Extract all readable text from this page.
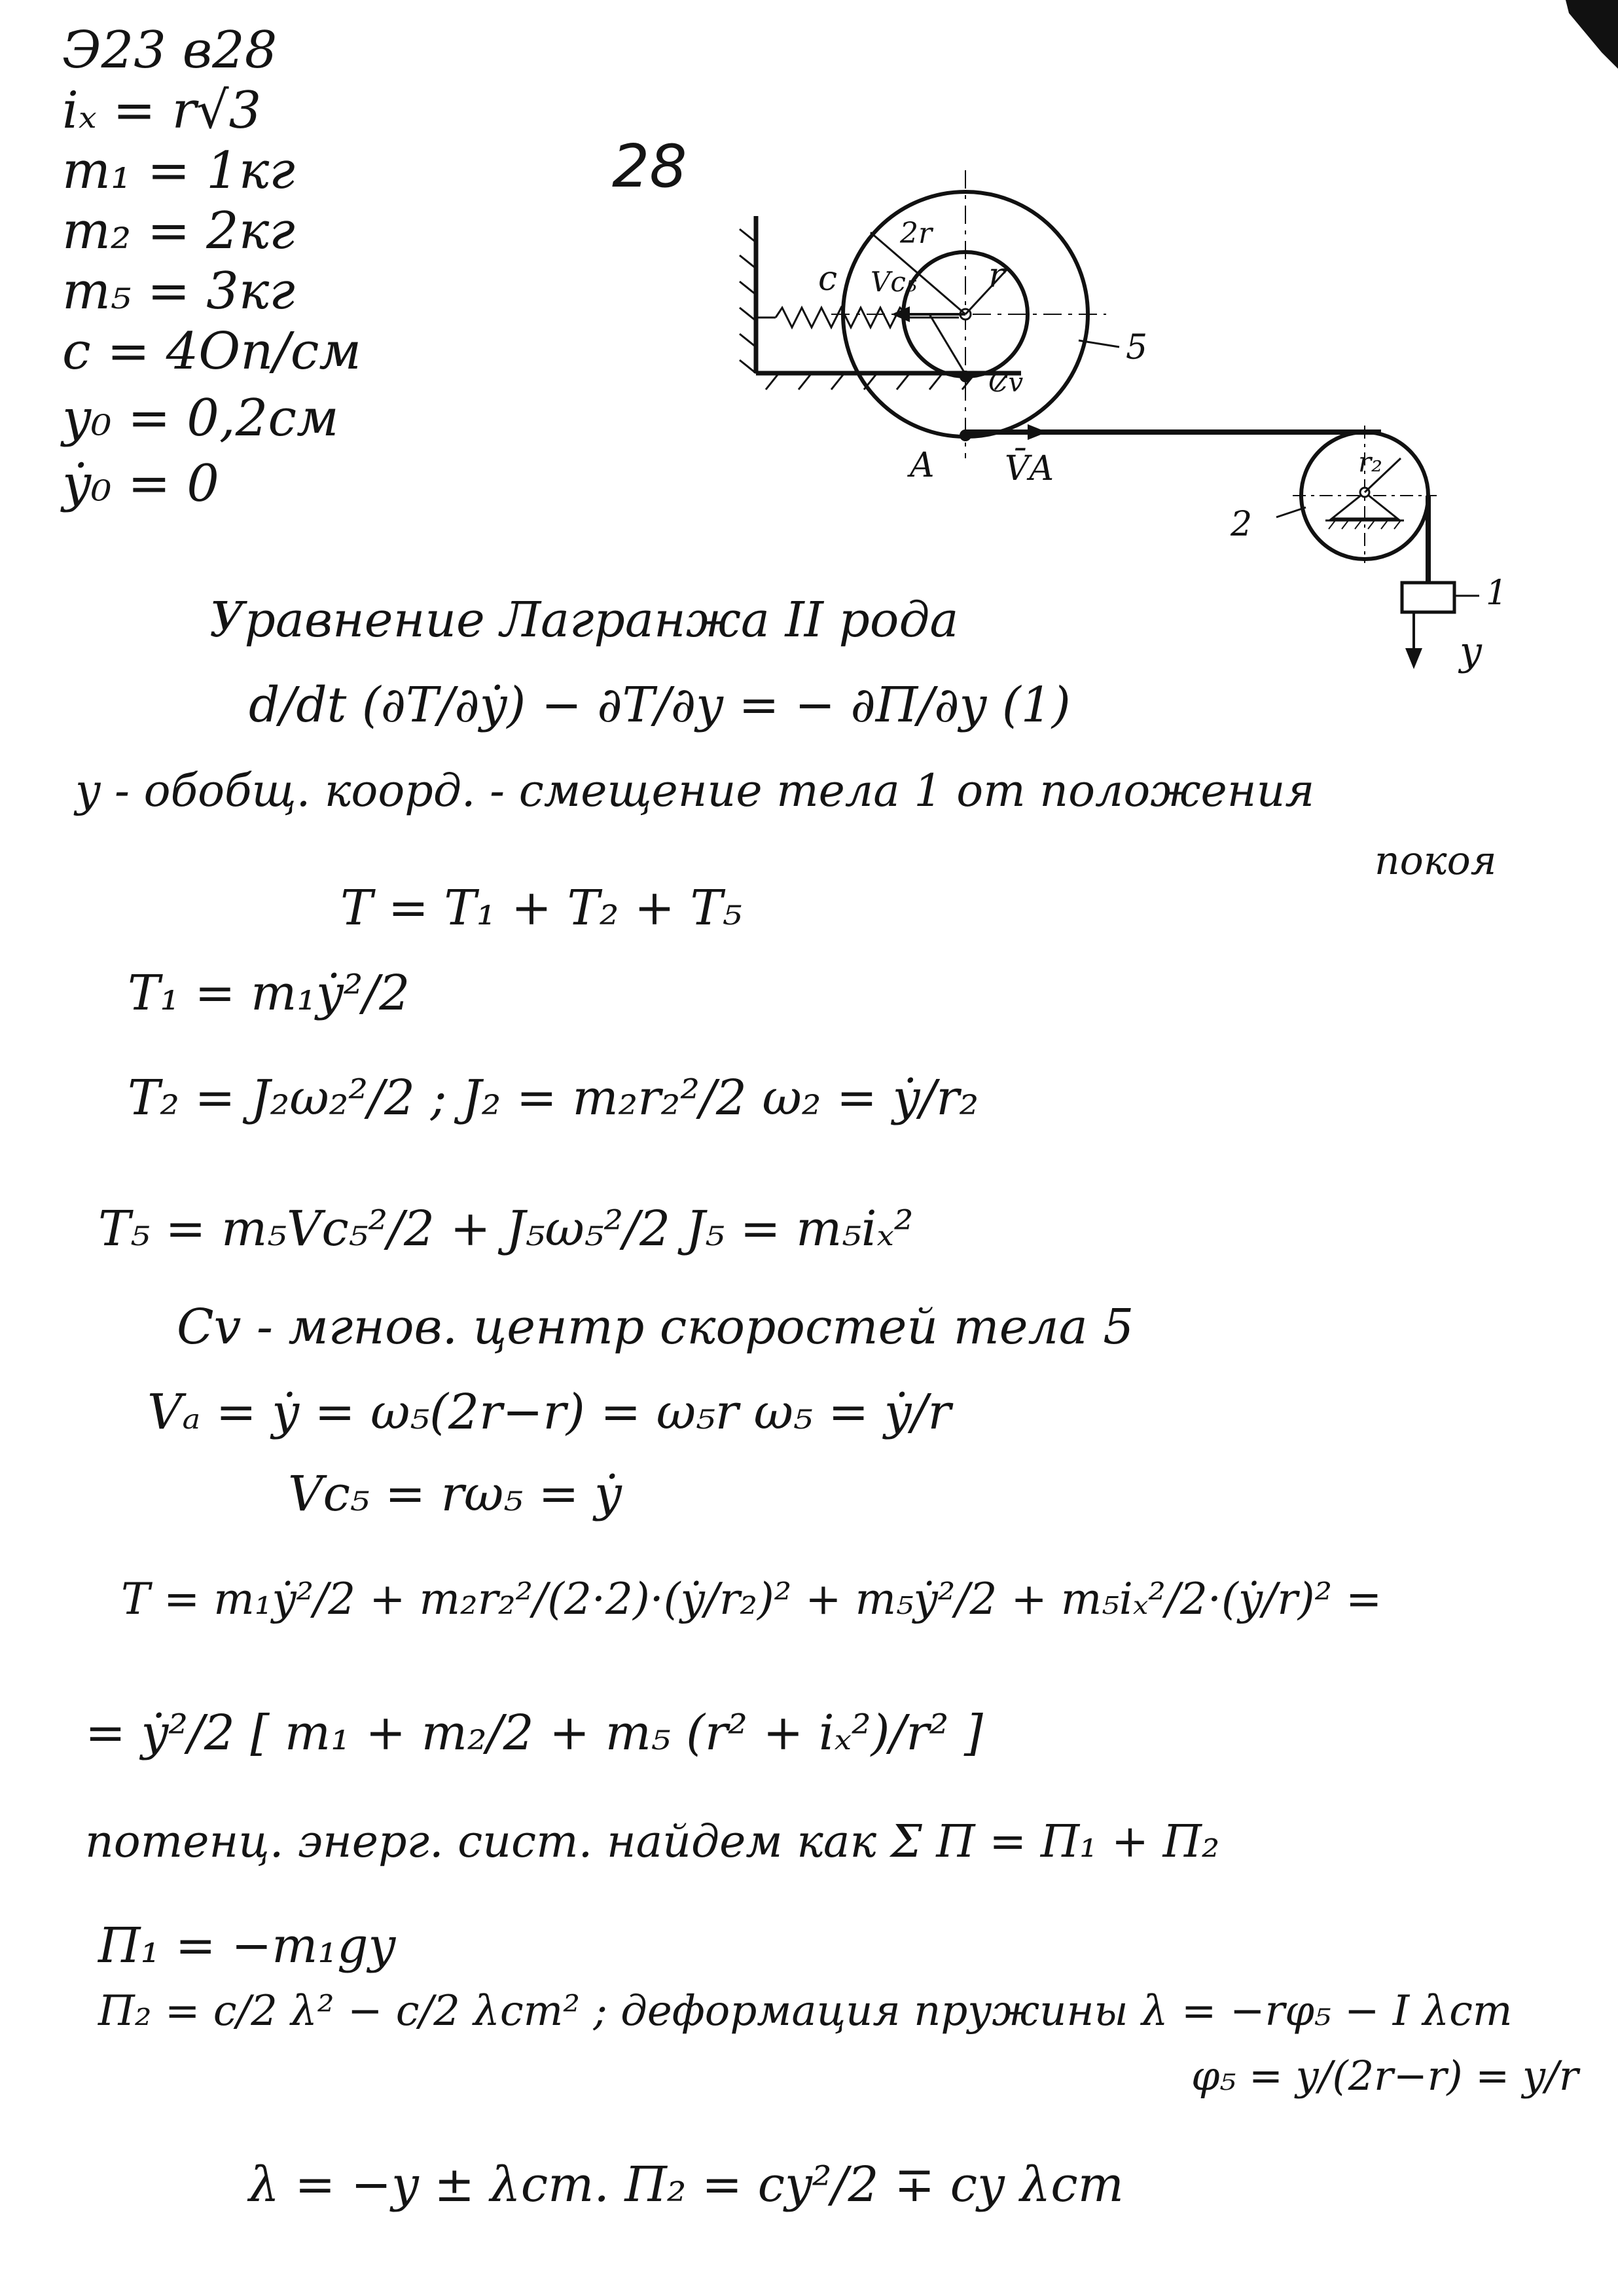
Э23 в28
iₓ = r√3
m₁ = 1кг
m₂ = 2кг
m₅ = 3кг
c = 4Оп/см
y₀ = 0,2см
ẏ₀ = 0
28
c Vc₅ r
2r
5
Cv
A V̄A	r₂
2
1
y
Уравнение Лагранжа II рода
d/dt (∂T/∂ẏ) − ∂T/∂y = − ∂П/∂y (1)
y - обобщ. коорд. - смещение тела 1 от положения
покоя
T = T₁ + T₂ + T₅
T₁ = m₁ẏ²/2
T₂ = J₂ω₂²/2 ; J₂ = m₂r₂²/2 ω₂ = ẏ/r₂
T₅ = m₅Vc₅²/2 + J₅ω₅²/2 J₅ = m₅iₓ²
Cv - мгнов. центр скоростей тела 5
Vₐ = ẏ = ω₅(2r−r) = ω₅r ω₅ = ẏ/r
Vc₅ = rω₅ = ẏ
T = m₁ẏ²/2 + m₂r₂²/(2·2)·(ẏ/r₂)² + m₅ẏ²/2 + m₅iₓ²/2·(ẏ/r)² =
= ẏ²/2 [ m₁ + m₂/2 + m₅ (r² + iₓ²)/r² ]
потенц. энерг. сист. найдем как Σ П = П₁ + П₂
П₁ = −m₁gy
П₂ = c/2 λ² − c/2 λст² ; деформация пружины λ = −rφ₅ − I λст
φ₅ = y/(2r−r) = y/r
λ = −y ± λст. П₂ = cy²/2 ∓ cy λст
